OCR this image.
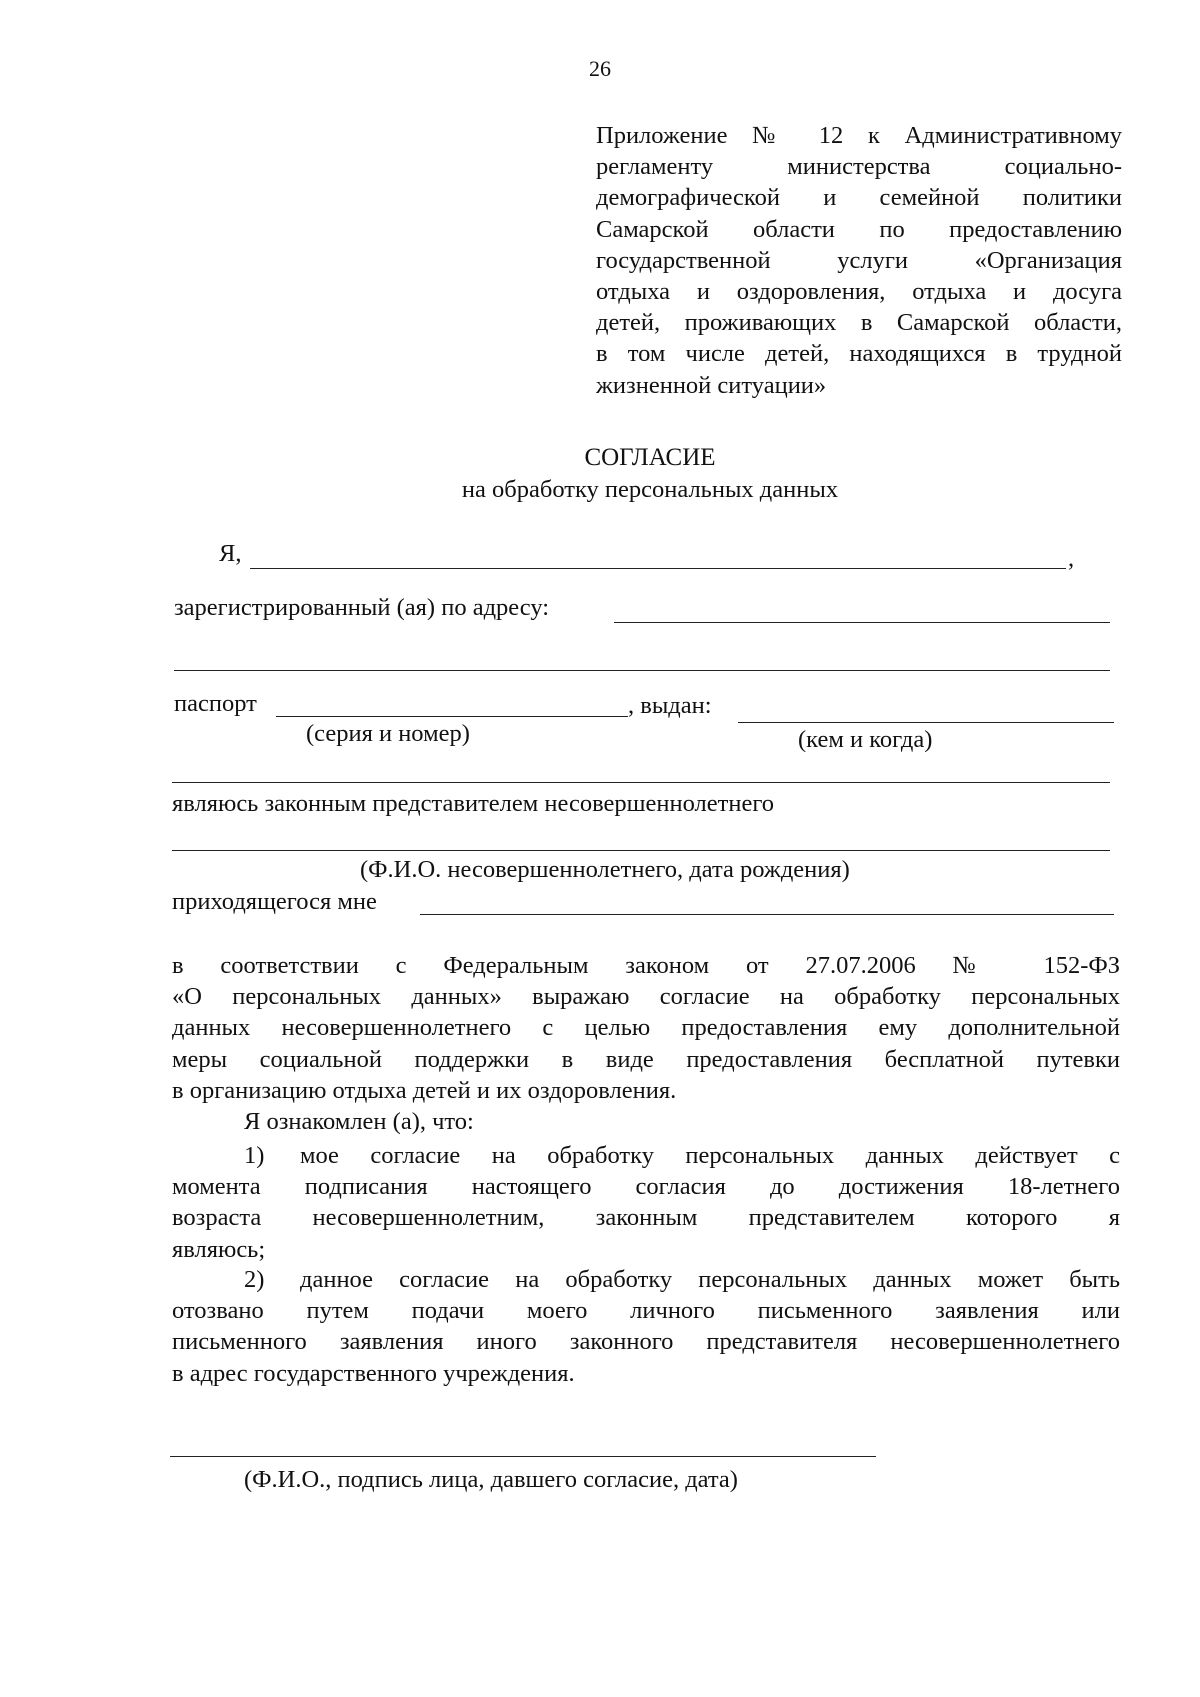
26
Приложение № 12 к Административному
регламенту министерства социально-
демографической и семейной политики
Самарской области по предоставлению
государственной услуги «Организация
отдыха и оздоровления, отдыха и досуга
детей, проживающих в Самарской области,
в том числе детей, находящихся в трудной
жизненной ситуации»
СОГЛАСИЕ
на обработку персональных данных
Я,	,
зарегистрированный (ая) по адресу:
паспорт	, выдан:
(серия и номер)	(кем и когда)
являюсь законным представителем несовершеннолетнего
(Ф.И.О. несовершеннолетнего, дата рождения)
приходящегося мне
в соответствии с Федеральным законом от 27.07.2006 № 152-ФЗ
«О персональных данных» выражаю согласие на обработку персональных
данных несовершеннолетнего с целью предоставления ему дополнительной
меры социальной поддержки в виде предоставления бесплатной путевки
в организацию отдыха детей и их оздоровления.
Я ознакомлен (а), что:
1) мое согласие на обработку персональных данных действует с
момента подписания настоящего согласия до достижения 18-летнего
возраста несовершеннолетним, законным представителем которого я
являюсь;
2) данное согласие на обработку персональных данных может быть
отозвано путем подачи моего личного письменного заявления или
письменного заявления иного законного представителя несовершеннолетнего
в адрес государственного учреждения.
(Ф.И.О., подпись лица, давшего согласие, дата)
